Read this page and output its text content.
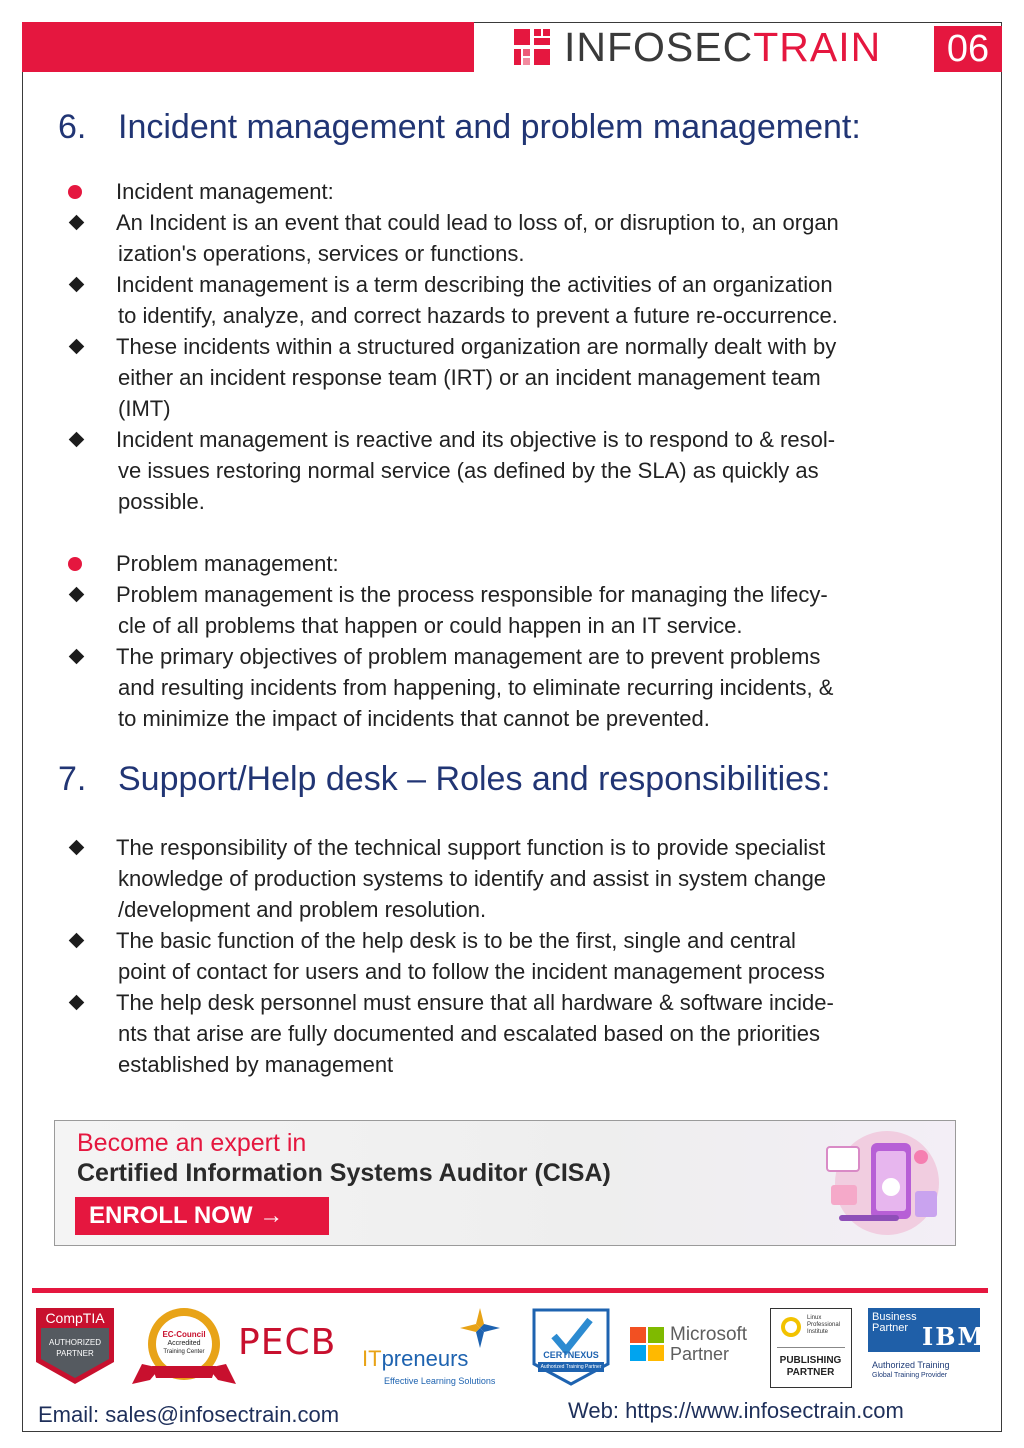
INFOSECTRAIN	06
6. Incident management and problem management:
Incident management:
An Incident is an event that could lead to loss of, or disruption to, an organ
ization's operations, services or functions.
Incident management is a term describing the activities of an organization
to identify, analyze, and correct hazards to prevent a future re-occurrence.
These incidents within a structured organization are normally dealt with by
either an incident response team (IRT) or an incident management team
(IMT)
Incident management is reactive and its objective is to respond to & resol-
ve issues restoring normal service (as defined by the SLA) as quickly as
possible.
Problem management:
Problem management is the process responsible for managing the lifecy-
cle of all problems that happen or could happen in an IT service.
The primary objectives of problem management are to prevent problems
and resulting incidents from happening, to eliminate recurring incidents, &
to minimize the impact of incidents that cannot be prevented.
7. Support/Help desk – Roles and responsibilities:
The responsibility of the technical support function is to provide specialist
knowledge of production systems to identify and assist in system change
/development and problem resolution.
The basic function of the help desk is to be the first, single and central
point of contact for users and to follow the incident management process
The help desk personnel must ensure that all hardware & software incide-
nts that arise are fully documented and escalated based on the priorities
established by management
Become an expert in
Certified Information Systems Auditor (CISA)
ENROLL NOW →
CompTIA
AUTHORIZED
PARTNER
EC-Council
Accredited
Training Center PECB ITpreneurs
Effective Learning Solutions
CERTNEXUS
Authorized Training Partner
Microsoft
Partner
Linux
Professional
Institute
PUBLISHING
PARTNER
Business
Partner IBM
Authorized Training
Global Training Provider
Email: sales@infosectrain.com	Web: https://www.infosectrain.com
